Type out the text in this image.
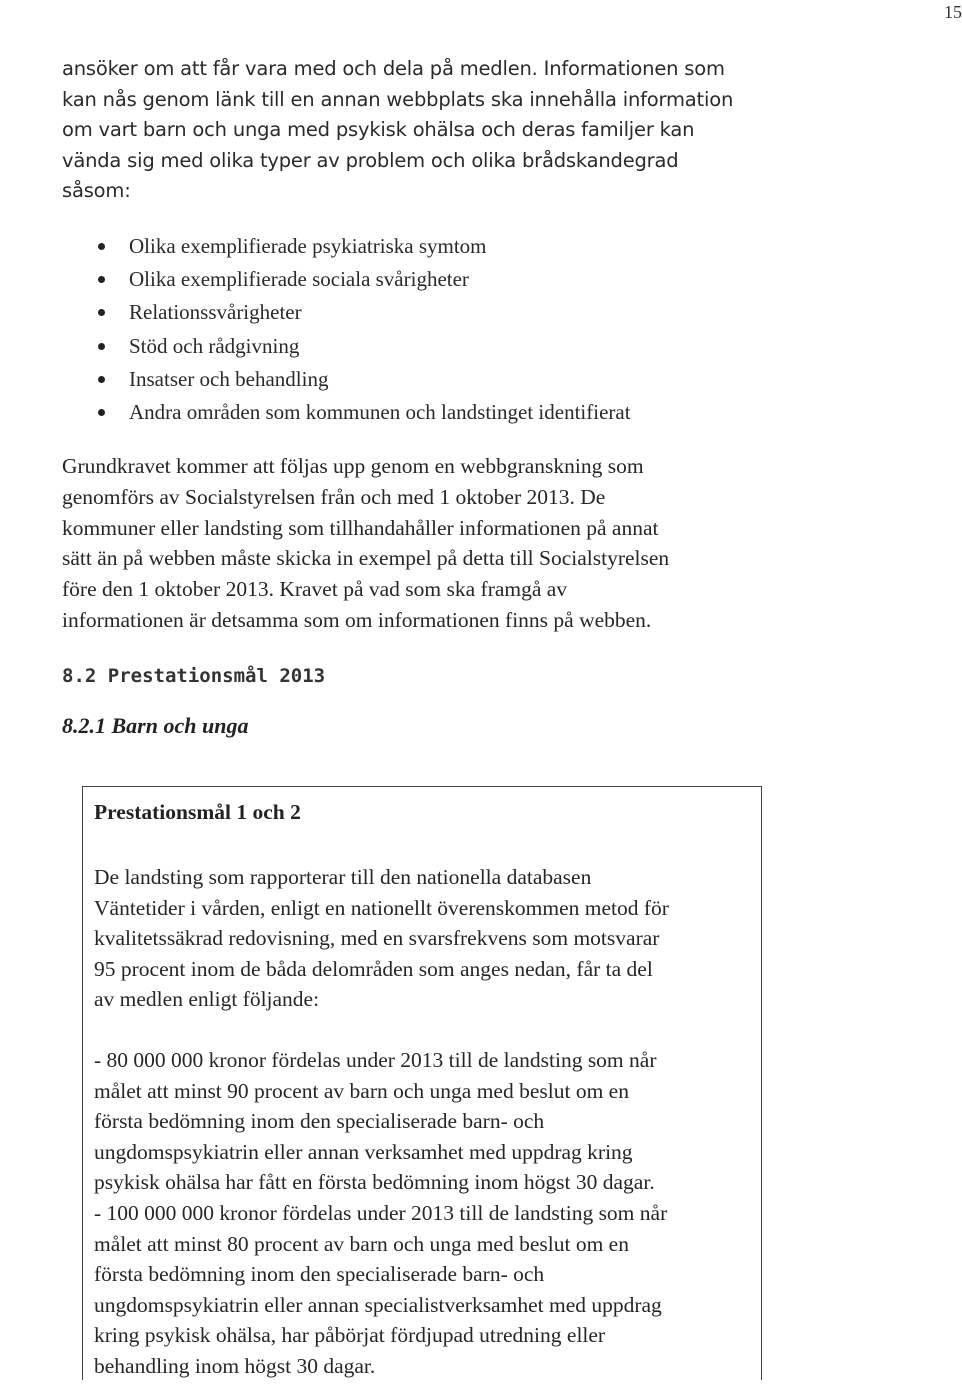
15

ansöker om att får vara med och dela på medlen. Informationen som
kan nås genom länk till en annan webbplats ska innehålla information
om vart barn och unga med psykisk ohälsa och deras familjer kan
vända sig med olika typer av problem och olika brådskandegrad
såsom:

Olika exemplifierade psykiatriska symtom
Olika exemplifierade sociala svårigheter
Relationssvårigheter
Stöd och rådgivning
Insatser och behandling
Andra områden som kommunen och landstinget identifierat

Grundkravet kommer att följas upp genom en webbgranskning som
genomförs av Socialstyrelsen från och med 1 oktober 2013. De
kommuner eller landsting som tillhandahåller informationen på annat
sätt än på webben måste skicka in exempel på detta till Socialstyrelsen
före den 1 oktober 2013. Kravet på vad som ska framgå av
informationen är detsamma som om informationen finns på webben.

8.2 Prestationsmål 2013
8.2.1 Barn och unga
Prestationsmål 1 och 2

De landsting som rapporterar till den nationella databasen
Väntetider i vården, enligt en nationellt överenskommen metod för
kvalitetssäkrad redovisning, med en svarsfrekvens som motsvarar
95 procent inom de båda delområden som anges nedan, får ta del
av medlen enligt följande:

- 80 000 000 kronor fördelas under 2013 till de landsting som når
målet att minst 90 procent av barn och unga med beslut om en
första bedömning inom den specialiserade barn- och
ungdomspsykiatrin eller annan verksamhet med uppdrag kring
psykisk ohälsa har fått en första bedömning inom högst 30 dagar.
- 100 000 000 kronor fördelas under 2013 till de landsting som når
målet att minst 80 procent av barn och unga med beslut om en
första bedömning inom den specialiserade barn- och
ungdomspsykiatrin eller annan specialistverksamhet med uppdrag
kring psykisk ohälsa, har påbörjat fördjupad utredning eller
behandling inom högst 30 dagar.
